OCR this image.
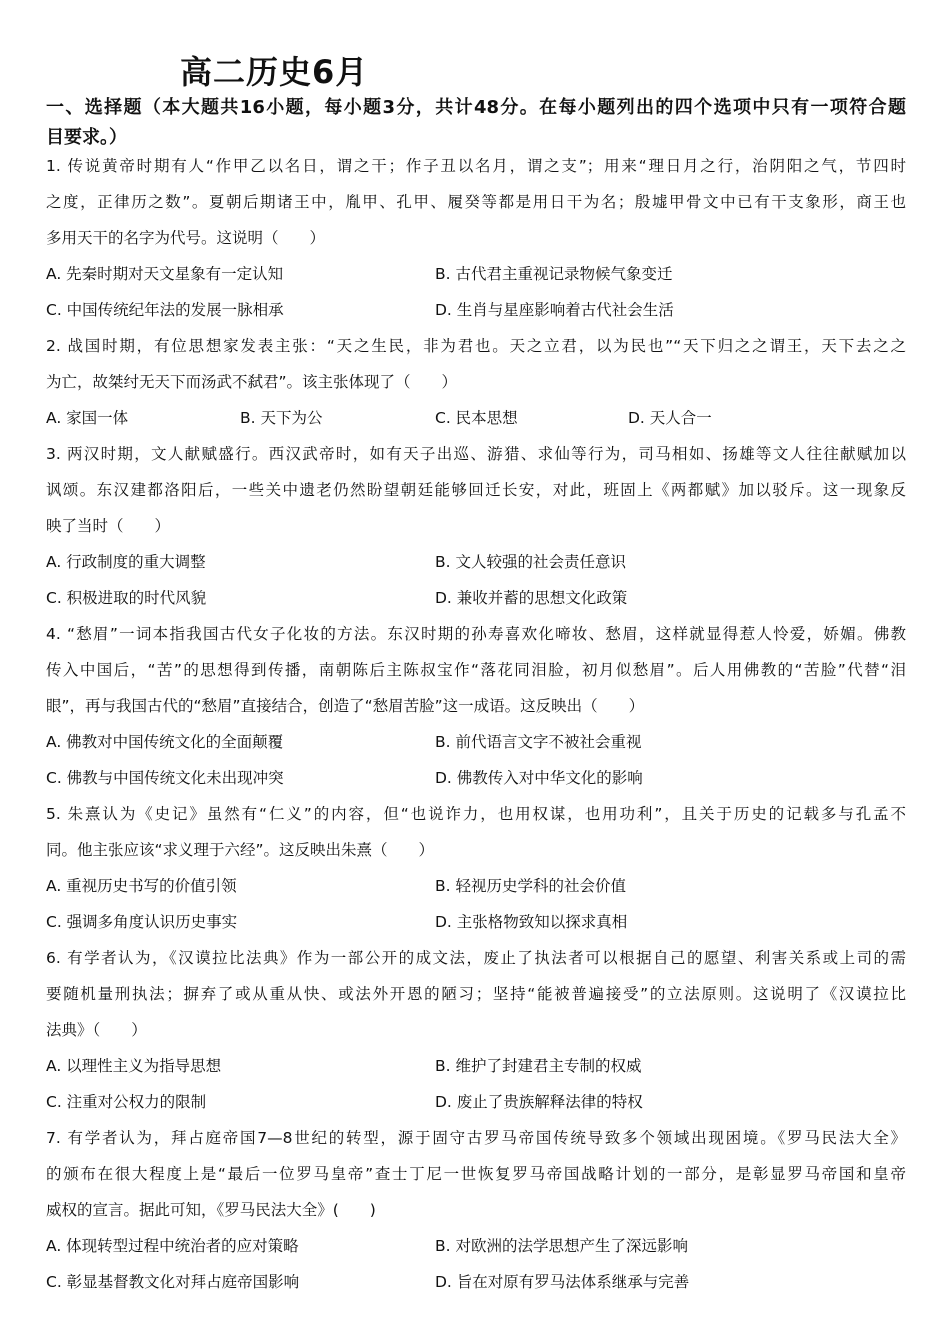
高二历史6月
一、选择题（本大题共16小题，每小题3分，共计48分。在每小题列出的四个选项中只有一项符合题
目要求。）
1. 传说黄帝时期有人“作甲乙以名日，谓之干；作子丑以名月，谓之支”；用来“理日月之行，治阴阳之气，节四时
之度，正律历之数”。夏朝后期诸王中，胤甲、孔甲、履癸等都是用日干为名；殷墟甲骨文中已有干支象形，商王也
多用天干的名字为代号。这说明（　　）
A. 先秦时期对天文星象有一定认知	B. 古代君主重视记录物候气象变迁
C. 中国传统纪年法的发展一脉相承	D. 生肖与星座影响着古代社会生活
2. 战国时期，有位思想家发表主张：“天之生民，非为君也。天之立君，以为民也”“天下归之之谓王，天下去之之
为亡，故桀纣无天下而汤武不弑君”。该主张体现了（　　）
A. 家国一体	B. 天下为公	C. 民本思想	D. 天人合一
3. 两汉时期，文人献赋盛行。西汉武帝时，如有天子出巡、游猎、求仙等行为，司马相如、扬雄等文人往往献赋加以
讽颂。东汉建都洛阳后，一些关中遗老仍然盼望朝廷能够回迁长安，对此，班固上《两都赋》加以驳斥。这一现象反
映了当时（　　）
A. 行政制度的重大调整	B. 文人较强的社会责任意识
C. 积极进取的时代风貌	D. 兼收并蓄的思想文化政策
4. “愁眉”一词本指我国古代女子化妆的方法。东汉时期的孙寿喜欢化啼妆、愁眉，这样就显得惹人怜爱，娇媚。佛教
传入中国后，“苦”的思想得到传播，南朝陈后主陈叔宝作“落花同泪脸，初月似愁眉”。后人用佛教的“苦脸”代替“泪
眼”，再与我国古代的“愁眉”直接结合，创造了“愁眉苦脸”这一成语。这反映出（　　）
A. 佛教对中国传统文化的全面颠覆	B. 前代语言文字不被社会重视
C. 佛教与中国传统文化未出现冲突	D. 佛教传入对中华文化的影响
5. 朱熹认为《史记》虽然有“仁义”的内容，但“也说诈力，也用权谋，也用功利”，且关于历史的记载多与孔孟不
同。他主张应该“求义理于六经”。这反映出朱熹（　　）
A. 重视历史书写的价值引领	B. 轻视历史学科的社会价值
C. 强调多角度认识历史事实	D. 主张格物致知以探求真相
6. 有学者认为，《汉谟拉比法典》作为一部公开的成文法，废止了执法者可以根据自己的愿望、利害关系或上司的需
要随机量刑执法；摒弃了或从重从快、或法外开恩的陋习；坚持“能被普遍接受”的立法原则。这说明了《汉谟拉比
法典》（　　）
A. 以理性主义为指导思想	B. 维护了封建君主专制的权威
C. 注重对公权力的限制	D. 废止了贵族解释法律的特权
7. 有学者认为，拜占庭帝国7—8世纪的转型，源于固守古罗马帝国传统导致多个领域出现困境。《罗马民法大全》
的颁布在很大程度上是“最后一位罗马皇帝”查士丁尼一世恢复罗马帝国战略计划的一部分，是彰显罗马帝国和皇帝
威权的宣言。据此可知，《罗马民法大全》(　　)
A. 体现转型过程中统治者的应对策略	B. 对欧洲的法学思想产生了深远影响
C. 彰显基督教文化对拜占庭帝国影响	D. 旨在对原有罗马法体系继承与完善
